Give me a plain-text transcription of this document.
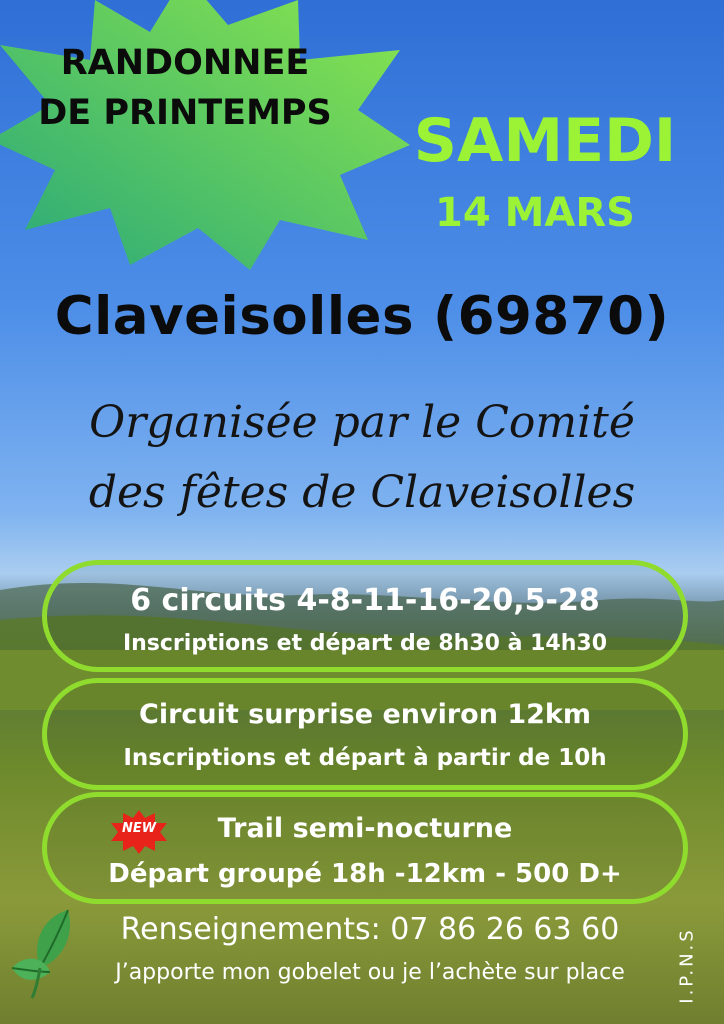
RANDONNEE
DE PRINTEMPS	SAMEDI
14 MARS
Claveisolles (69870)
Organisée par le Comité
des fêtes de Claveisolles
6 circuits 4-8-11-16-20,5-28
Inscriptions et départ de 8h30 à 14h30
Circuit surprise environ 12km
Inscriptions et départ à partir de 10h
Trail semi-nocturne
Départ groupé 18h -12km - 500 D+
NEW
Renseignements: 07 86 26 63 60
J’apporte mon gobelet ou je l’achète sur place	I.P.N.S
